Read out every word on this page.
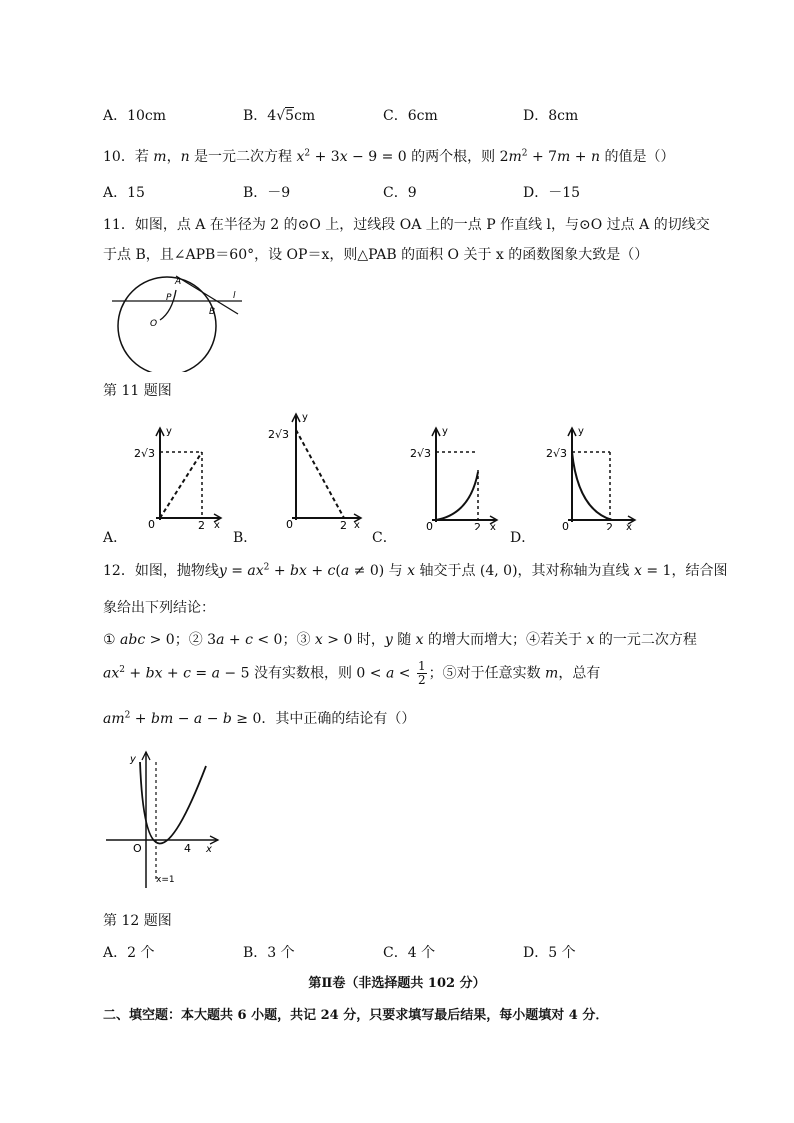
A．10cm	B．4√5cm	C．6cm	D．8cm
10．若 m，n 是一元二次方程 $x^2 + 3x - 9 = 0$ 的两个根，则 $2m^2 + 7m + n$ 的值是（）
A．15	B．－9	C．9	D．－15
11．如图，点 A 在半径为 2 的⊙O 上，过线段 OA 上的一点 P 作直线 l，与⊙O 过点 A 的切线交
于点 B，且∠APB＝60°，设 OP＝x，则△PAB 的面积 O 关于 x 的函数图象大致是（）
A
P
O
B
l
第 11 题图
2√3
y
0	2 x
2√3
y
0	2 x
2√3
y
0	2 x
2√3
y
0	2 x
A．	B．	C．	D．
12．如图，抛物线$y = ax^2$ + bx + c(a ≠ 0) 与 x 轴交于点 (4, 0)，其对称轴为直线 x = 1，结合图
象给出下列结论：
① abc > 0；② 3a + c < 0；③ x > 0 时，y 随 x 的增大而增大；④若关于 x 的一元二次方程
$ax^2$ + bx + c = a − 5 没有实数根，则 $0 < a < \frac{1}{2}$ ；⑤对于任意实数 m，总有
$am^2$ + bm − a − b ≥ 0．其中正确的结论有（）
y
x
O	4
x=1
第 12 题图
A．2 个	B．3 个	C．4 个	D．5 个
第Ⅱ卷（非选择题共 102 分）
二、填空题：本大题共 6 小题，共记 24 分，只要求填写最后结果，每小题填对 4 分．
